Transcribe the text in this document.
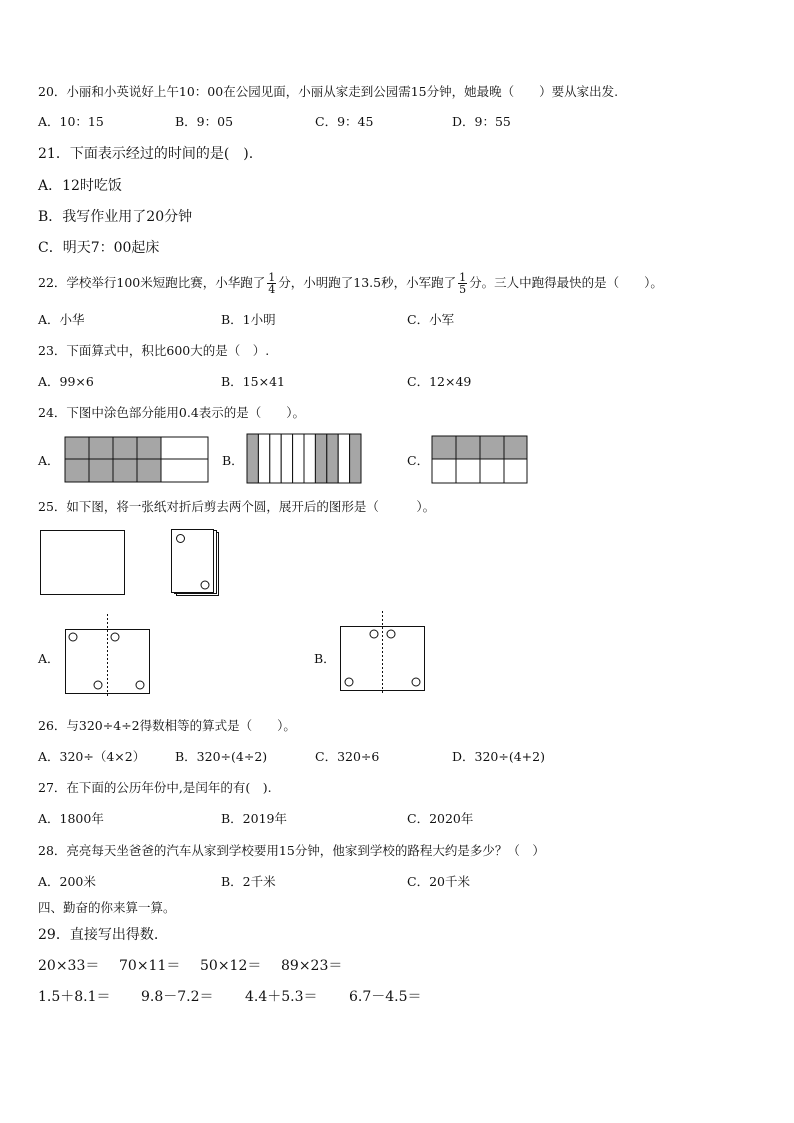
20．小丽和小英说好上午10：00在公园见面，小丽从家走到公园需15分钟，她最晚（　　）要从家出发.
A．10：15	B．9：05	C．9：45	D．9：55
21．下面表示经过的时间的是(　).
A．12时吃饭
B．我写作业用了20分钟
C．明天7：00起床
22．学校举行100米短跑比赛，小华跑了 $\frac{1}{4}$ 分，小明跑了13.5秒，小军跑了 $\frac{1}{5}$ 分。三人中跑得最快的是（　　）。
A．小华	B．1小明	C．小军
23．下面算式中，积比600大的是（　）.
A．99×6	B．15×41	C．12×49
24．下图中涂色部分能用0.4表示的是（　　）。
A．	B．	C．
25．如下图，将一张纸对折后剪去两个圆，展开后的图形是（　　　）。
A．	B．
26．与320÷4÷2得数相等的算式是（　　）。
A．320÷（4×2） B．320÷(4÷2)	C．320÷6	D．320÷(4+2)
27．在下面的公历年份中,是闰年的有(　).
A．1800年	B．2019年	C．2020年
28．亮亮每天坐爸爸的汽车从家到学校要用15分钟，他家到学校的路程大约是多少？（　）
A．200米	B．2千米	C．20千米
四、勤奋的你来算一算。
29．直接写出得数.
20×33＝ 70×11＝ 50×12＝ 89×23＝
1.5＋8.1＝ 9.8－7.2＝ 4.4＋5.3＝ 6.7－4.5＝
